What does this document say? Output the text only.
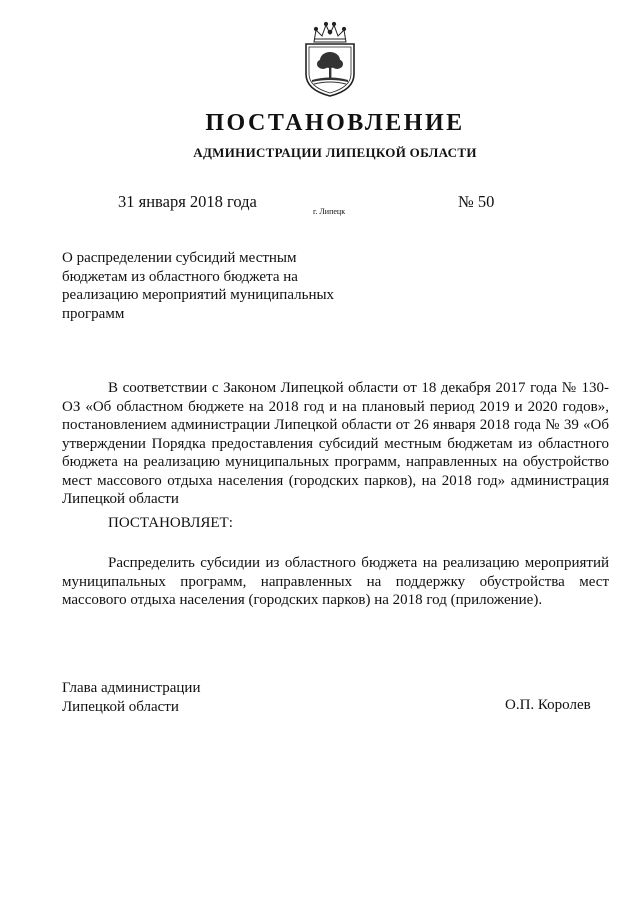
ПОСТАНОВЛЕНИЕ
АДМИНИСТРАЦИИ ЛИПЕЦКОЙ ОБЛАСТИ
31 января 2018 года
г. Липецк
№ 50
О распределении субсидий местным
бюджетам из областного бюджета на
реализацию мероприятий муниципальных
программ
В соответствии с Законом Липецкой области от 18 декабря 2017 года № 130-ОЗ «Об областном бюджете на 2018 год и на плановый период 2019 и 2020 годов», постановлением администрации Липецкой области от 26 января 2018 года № 39 «Об утверждении Порядка предоставления субсидий местным бюджетам из областного бюджета на реализацию муниципальных программ, направленных на обустройство мест массового отдыха населения (городских парков), на 2018 год» администрация Липецкой области
ПОСТАНОВЛЯЕТ:
Распределить субсидии из областного бюджета на реализацию мероприятий муниципальных программ, направленных на поддержку обустройства мест массового отдыха населения (городских парков) на 2018 год (приложение).
Глава администрации
Липецкой области	О.П. Королев
